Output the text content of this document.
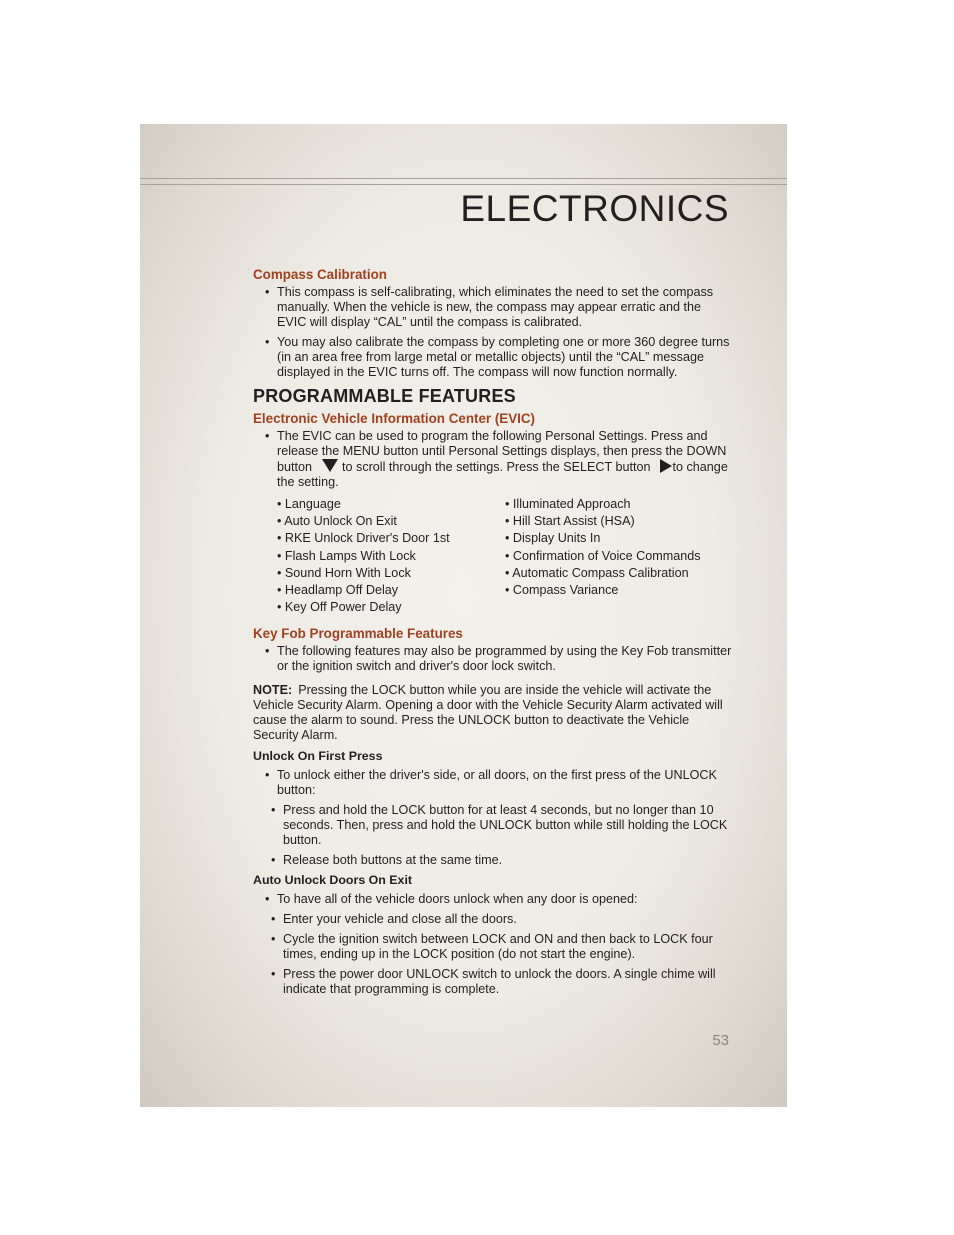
ELECTRONICS
Compass Calibration
• This compass is self-calibrating, which eliminates the need to set the compass manually. When the vehicle is new, the compass may appear erratic and the EVIC will display “CAL” until the compass is calibrated.
• You may also calibrate the compass by completing one or more 360 degree turns (in an area free from large metal or metallic objects) until the “CAL” message displayed in the EVIC turns off. The compass will now function normally.
PROGRAMMABLE FEATURES
Electronic Vehicle Information Center (EVIC)
• The EVIC can be used to program the following Personal Settings. Press and release the MENU button until Personal Settings displays, then press the DOWN button to scroll through the settings. Press the SELECT button to change the setting.
• Language
• Auto Unlock On Exit
• RKE Unlock Driver's Door 1st
• Flash Lamps With Lock
• Sound Horn With Lock
• Headlamp Off Delay
• Key Off Power Delay
• Illuminated Approach
• Hill Start Assist (HSA)
• Display Units In
• Confirmation of Voice Commands
• Automatic Compass Calibration
• Compass Variance
Key Fob Programmable Features
• The following features may also be programmed by using the Key Fob transmitter or the ignition switch and driver's door lock switch.

NOTE: Pressing the LOCK button while you are inside the vehicle will activate the Vehicle Security Alarm. Opening a door with the Vehicle Security Alarm activated will cause the alarm to sound. Press the UNLOCK button to deactivate the Vehicle Security Alarm.

Unlock On First Press
• To unlock either the driver's side, or all doors, on the first press of the UNLOCK button:
• Press and hold the LOCK button for at least 4 seconds, but no longer than 10 seconds. Then, press and hold the UNLOCK button while still holding the LOCK button.
• Release both buttons at the same time.
Auto Unlock Doors On Exit
• To have all of the vehicle doors unlock when any door is opened:
• Enter your vehicle and close all the doors.
• Cycle the ignition switch between LOCK and ON and then back to LOCK four times, ending up in the LOCK position (do not start the engine).
• Press the power door UNLOCK switch to unlock the doors. A single chime will indicate that programming is complete.
53
